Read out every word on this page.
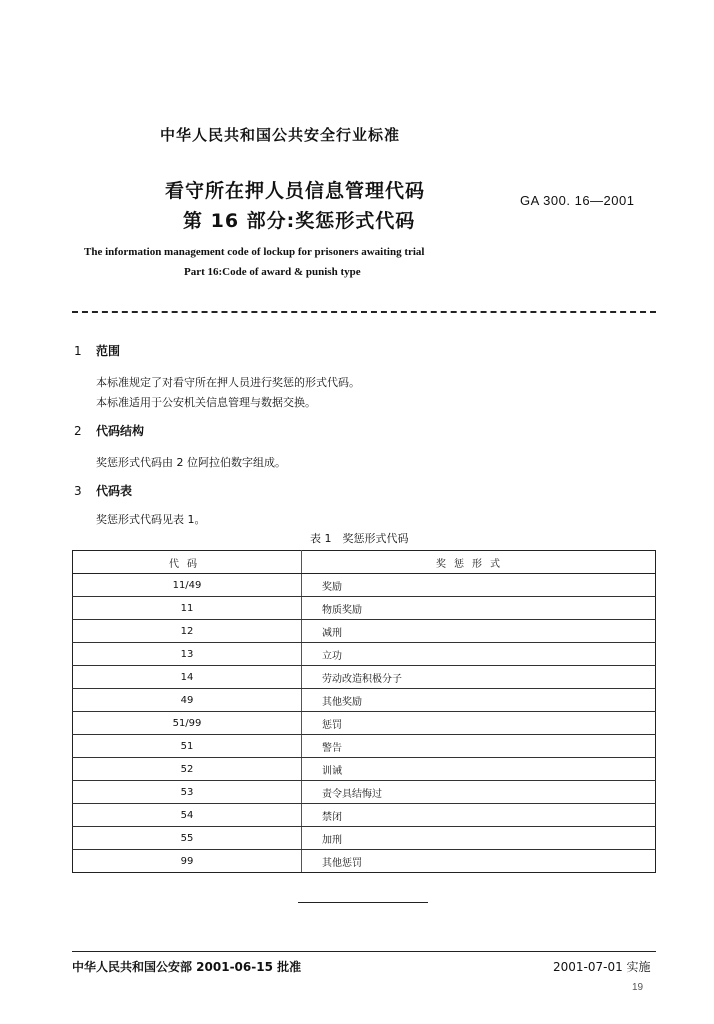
中华人民共和国公共安全行业标准
看守所在押人员信息管理代码
第 16 部分:奖惩形式代码
GA 300. 16—2001
The information management code of lockup for prisoners awaiting trial
Part 16:Code of award & punish type
1 范围
本标准规定了对看守所在押人员进行奖惩的形式代码。
本标准适用于公安机关信息管理与数据交换。
2 代码结构
奖惩形式代码由 2 位阿拉伯数字组成。
3 代码表
奖惩形式代码见表 1。
表 1　奖惩形式代码
代码	奖惩形式
11/49	奖励
11	物质奖励
12	减刑
13	立功
14	劳动改造积极分子
49	其他奖励
51/99	惩罚
51	警告
52	训诫
53	责令具结悔过
54	禁闭
55	加刑
99	其他惩罚
中华人民共和国公安部 2001-06-15 批准	2001-07-01 实施
19
